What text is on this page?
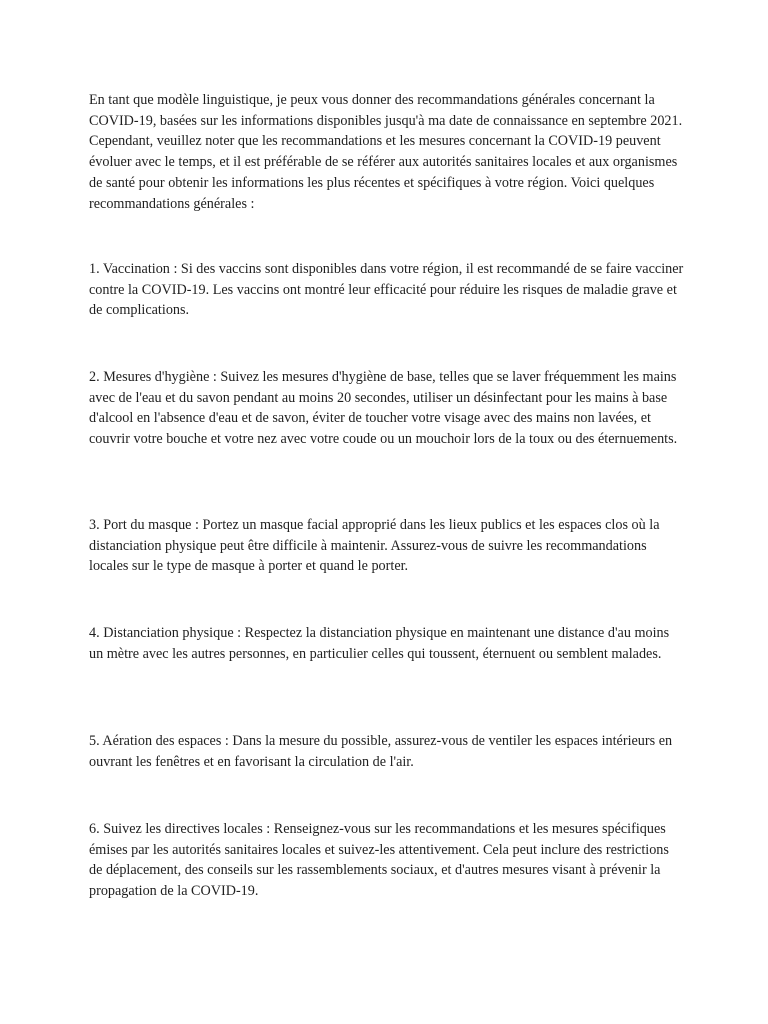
En tant que modèle linguistique, je peux vous donner des recommandations générales concernant la COVID-19, basées sur les informations disponibles jusqu'à ma date de connaissance en septembre 2021. Cependant, veuillez noter que les recommandations et les mesures concernant la COVID-19 peuvent évoluer avec le temps, et il est préférable de se référer aux autorités sanitaires locales et aux organismes de santé pour obtenir les informations les plus récentes et spécifiques à votre région. Voici quelques recommandations générales :

1. Vaccination : Si des vaccins sont disponibles dans votre région, il est recommandé de se faire vacciner contre la COVID-19. Les vaccins ont montré leur efficacité pour réduire les risques de maladie grave et de complications.

2. Mesures d'hygiène : Suivez les mesures d'hygiène de base, telles que se laver fréquemment les mains avec de l'eau et du savon pendant au moins 20 secondes, utiliser un désinfectant pour les mains à base d'alcool en l'absence d'eau et de savon, éviter de toucher votre visage avec des mains non lavées, et couvrir votre bouche et votre nez avec votre coude ou un mouchoir lors de la toux ou des éternuements.

3. Port du masque : Portez un masque facial approprié dans les lieux publics et les espaces clos où la distanciation physique peut être difficile à maintenir. Assurez-vous de suivre les recommandations locales sur le type de masque à porter et quand le porter.

4. Distanciation physique : Respectez la distanciation physique en maintenant une distance d'au moins un mètre avec les autres personnes, en particulier celles qui toussent, éternuent ou semblent malades.

5. Aération des espaces : Dans la mesure du possible, assurez-vous de ventiler les espaces intérieurs en ouvrant les fenêtres et en favorisant la circulation de l'air.

6. Suivez les directives locales : Renseignez-vous sur les recommandations et les mesures spécifiques émises par les autorités sanitaires locales et suivez-les attentivement. Cela peut inclure des restrictions de déplacement, des conseils sur les rassemblements sociaux, et d'autres mesures visant à prévenir la propagation de la COVID-19.
